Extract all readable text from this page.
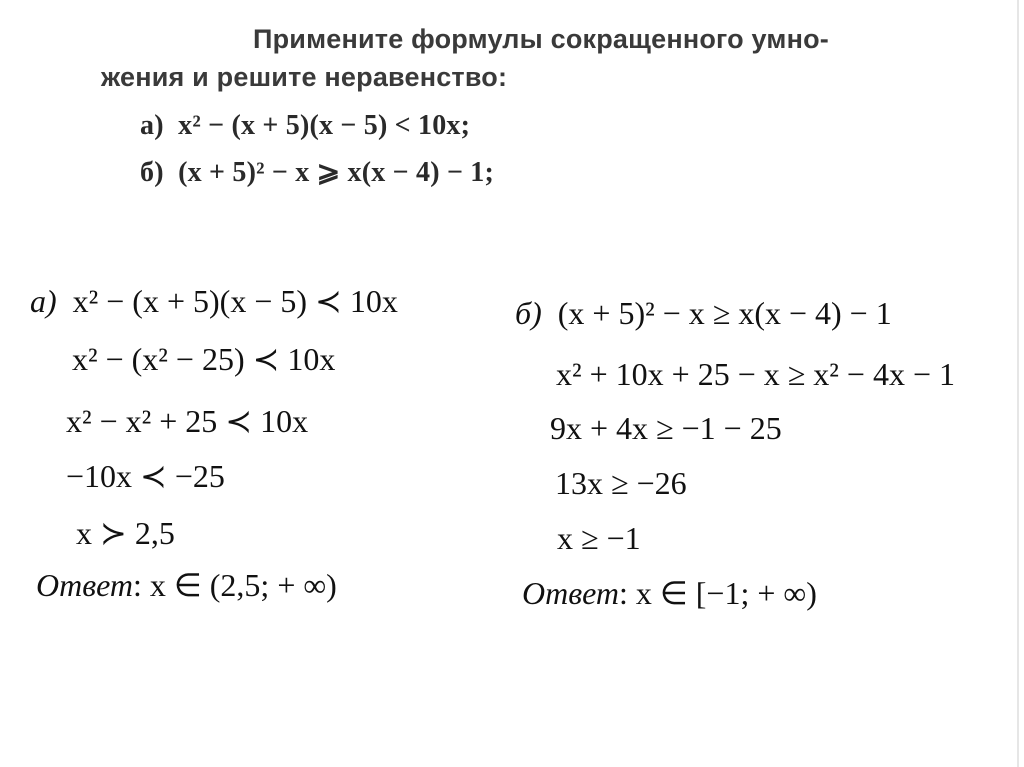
Примените формулы сокращенного умно-
жения и решите неравенство:
а)  x² − (x + 5)(x − 5) < 10x;
б)  (x + 5)² − x ⩾ x(x − 4) − 1;
а) x² − (x + 5)(x − 5) ≺ 10x
x² − (x² − 25) ≺ 10x
x² − x² + 25 ≺ 10x
−10x ≺ −25
x ≻ 2,5
Ответ: x ∈ (2,5; + ∞)
б) (x + 5)² − x ≥ x(x − 4) − 1
x² + 10x + 25 − x ≥ x² − 4x − 1
9x + 4x ≥ −1 − 25
13x ≥ −26
x ≥ −1
Ответ: x ∈ [−1; + ∞)
